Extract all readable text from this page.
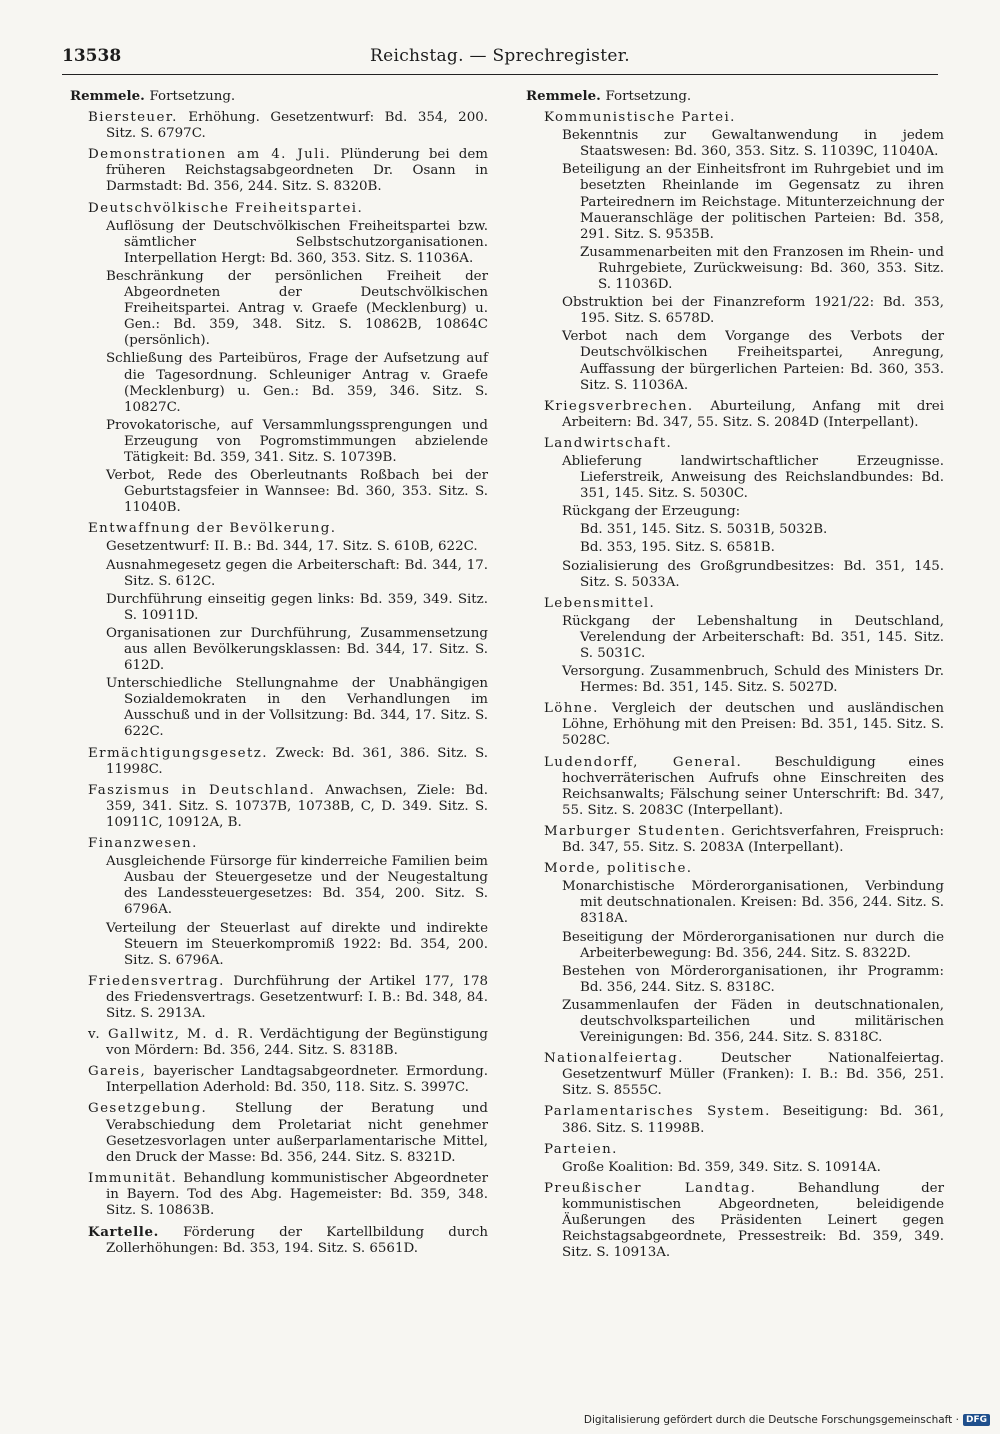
13538	Reichstag. — Sprechregister.

Remmele. Fortsetzung.

Biersteuer. Erhöhung. Gesetzentwurf: Bd. 354, 200. Sitz. S. 6797C.

Demonstrationen am 4. Juli. Plünderung bei dem früheren Reichstagsabgeordneten Dr. Osann in Darmstadt: Bd. 356, 244. Sitz. S. 8320B.

Deutschvölkische Freiheitspartei.

Auflösung der Deutschvölkischen Freiheitspartei bzw. sämtlicher Selbstschutzorganisationen. Interpellation Hergt: Bd. 360, 353. Sitz. S. 11036A.

Beschränkung der persönlichen Freiheit der Abgeordneten der Deutschvölkischen Freiheitspartei. Antrag v. Graefe (Mecklenburg) u. Gen.: Bd. 359, 348. Sitz. S. 10862B, 10864C (persönlich).

Schließung des Parteibüros, Frage der Aufsetzung auf die Tagesordnung. Schleuniger Antrag v. Graefe (Mecklenburg) u. Gen.: Bd. 359, 346. Sitz. S. 10827C.

Provokatorische, auf Versammlungssprengungen und Erzeugung von Pogromstimmungen abzielende Tätigkeit: Bd. 359, 341. Sitz. S. 10739B.

Verbot, Rede des Oberleutnants Roßbach bei der Geburtstagsfeier in Wannsee: Bd. 360, 353. Sitz. S. 11040B.

Entwaffnung der Bevölkerung.

Gesetzentwurf: II. B.: Bd. 344, 17. Sitz. S. 610B, 622C.

Ausnahmegesetz gegen die Arbeiterschaft: Bd. 344, 17. Sitz. S. 612C.

Durchführung einseitig gegen links: Bd. 359, 349. Sitz. S. 10911D.

Organisationen zur Durchführung, Zusammensetzung aus allen Bevölkerungsklassen: Bd. 344, 17. Sitz. S. 612D.

Unterschiedliche Stellungnahme der Unabhängigen Sozialdemokraten in den Verhandlungen im Ausschuß und in der Vollsitzung: Bd. 344, 17. Sitz. S. 622C.

Ermächtigungsgesetz. Zweck: Bd. 361, 386. Sitz. S. 11998C.

Faszismus in Deutschland. Anwachsen, Ziele: Bd. 359, 341. Sitz. S. 10737B, 10738B, C, D. 349. Sitz. S. 10911C, 10912A, B.

Finanzwesen.

Ausgleichende Fürsorge für kinderreiche Familien beim Ausbau der Steuergesetze und der Neugestaltung des Landessteuergesetzes: Bd. 354, 200. Sitz. S. 6796A.

Verteilung der Steuerlast auf direkte und indirekte Steuern im Steuerkompromiß 1922: Bd. 354, 200. Sitz. S. 6796A.

Friedensvertrag. Durchführung der Artikel 177, 178 des Friedensvertrags. Gesetzentwurf: I. B.: Bd. 348, 84. Sitz. S. 2913A.

v. Gallwitz, M. d. R. Verdächtigung der Begünstigung von Mördern: Bd. 356, 244. Sitz. S. 8318B.

Gareis, bayerischer Landtagsabgeordneter. Ermordung. Interpellation Aderhold: Bd. 350, 118. Sitz. S. 3997C.

Gesetzgebung. Stellung der Beratung und Verabschiedung dem Proletariat nicht genehmer Gesetzesvorlagen unter außerparlamentarische Mittel, den Druck der Masse: Bd. 356, 244. Sitz. S. 8321D.

Immunität. Behandlung kommunistischer Abgeordneter in Bayern. Tod des Abg. Hagemeister: Bd. 359, 348. Sitz. S. 10863B.

Kartelle. Förderung der Kartellbildung durch Zollerhöhungen: Bd. 353, 194. Sitz. S. 6561D.

Remmele. Fortsetzung.

Kommunistische Partei.

Bekenntnis zur Gewaltanwendung in jedem Staatswesen: Bd. 360, 353. Sitz. S. 11039C, 11040A.

Beteiligung an der Einheitsfront im Ruhrgebiet und im besetzten Rheinlande im Gegensatz zu ihren Parteirednern im Reichstage. Mitunterzeichnung der Maueranschläge der politischen Parteien: Bd. 358, 291. Sitz. S. 9535B.

Zusammenarbeiten mit den Franzosen im Rhein- und Ruhrgebiete, Zurückweisung: Bd. 360, 353. Sitz. S. 11036D.

Obstruktion bei der Finanzreform 1921/22: Bd. 353, 195. Sitz. S. 6578D.

Verbot nach dem Vorgange des Verbots der Deutschvölkischen Freiheitspartei, Anregung, Auffassung der bürgerlichen Parteien: Bd. 360, 353. Sitz. S. 11036A.

Kriegsverbrechen. Aburteilung, Anfang mit drei Arbeitern: Bd. 347, 55. Sitz. S. 2084D (Interpellant).

Landwirtschaft.

Ablieferung landwirtschaftlicher Erzeugnisse. Lieferstreik, Anweisung des Reichslandbundes: Bd. 351, 145. Sitz. S. 5030C.

Rückgang der Erzeugung:

Bd. 351, 145. Sitz. S. 5031B, 5032B.

Bd. 353, 195. Sitz. S. 6581B.

Sozialisierung des Großgrundbesitzes: Bd. 351, 145. Sitz. S. 5033A.

Lebensmittel.

Rückgang der Lebenshaltung in Deutschland, Verelendung der Arbeiterschaft: Bd. 351, 145. Sitz. S. 5031C.

Versorgung. Zusammenbruch, Schuld des Ministers Dr. Hermes: Bd. 351, 145. Sitz. S. 5027D.

Löhne. Vergleich der deutschen und ausländischen Löhne, Erhöhung mit den Preisen: Bd. 351, 145. Sitz. S. 5028C.

Ludendorff, General. Beschuldigung eines hochverräterischen Aufrufs ohne Einschreiten des Reichsanwalts; Fälschung seiner Unterschrift: Bd. 347, 55. Sitz. S. 2083C (Interpellant).

Marburger Studenten. Gerichtsverfahren, Freispruch: Bd. 347, 55. Sitz. S. 2083A (Interpellant).

Morde, politische.

Monarchistische Mörderorganisationen, Verbindung mit deutschnationalen. Kreisen: Bd. 356, 244. Sitz. S. 8318A.

Beseitigung der Mörderorganisationen nur durch die Arbeiterbewegung: Bd. 356, 244. Sitz. S. 8322D.

Bestehen von Mörderorganisationen, ihr Programm: Bd. 356, 244. Sitz. S. 8318C.

Zusammenlaufen der Fäden in deutschnationalen, deutschvolksparteilichen und militärischen Vereinigungen: Bd. 356, 244. Sitz. S. 8318C.

Nationalfeiertag.	Deutscher Nationalfeiertag. Gesetzentwurf Müller (Franken): I. B.: Bd. 356, 251. Sitz. S. 8555C.

Parlamentarisches System. Beseitigung: Bd. 361, 386. Sitz. S. 11998B.

Parteien.

Große Koalition: Bd. 359, 349. Sitz. S. 10914A.

Preußischer Landtag.	Behandlung der kommunistischen Abgeordneten, beleidigende Äußerungen des Präsidenten Leinert gegen Reichstagsabgeordnete, Pressestreik: Bd. 359, 349. Sitz. S. 10913A.

Digitalisierung gefördert durch die Deutsche Forschungsgemeinschaft · DFG
